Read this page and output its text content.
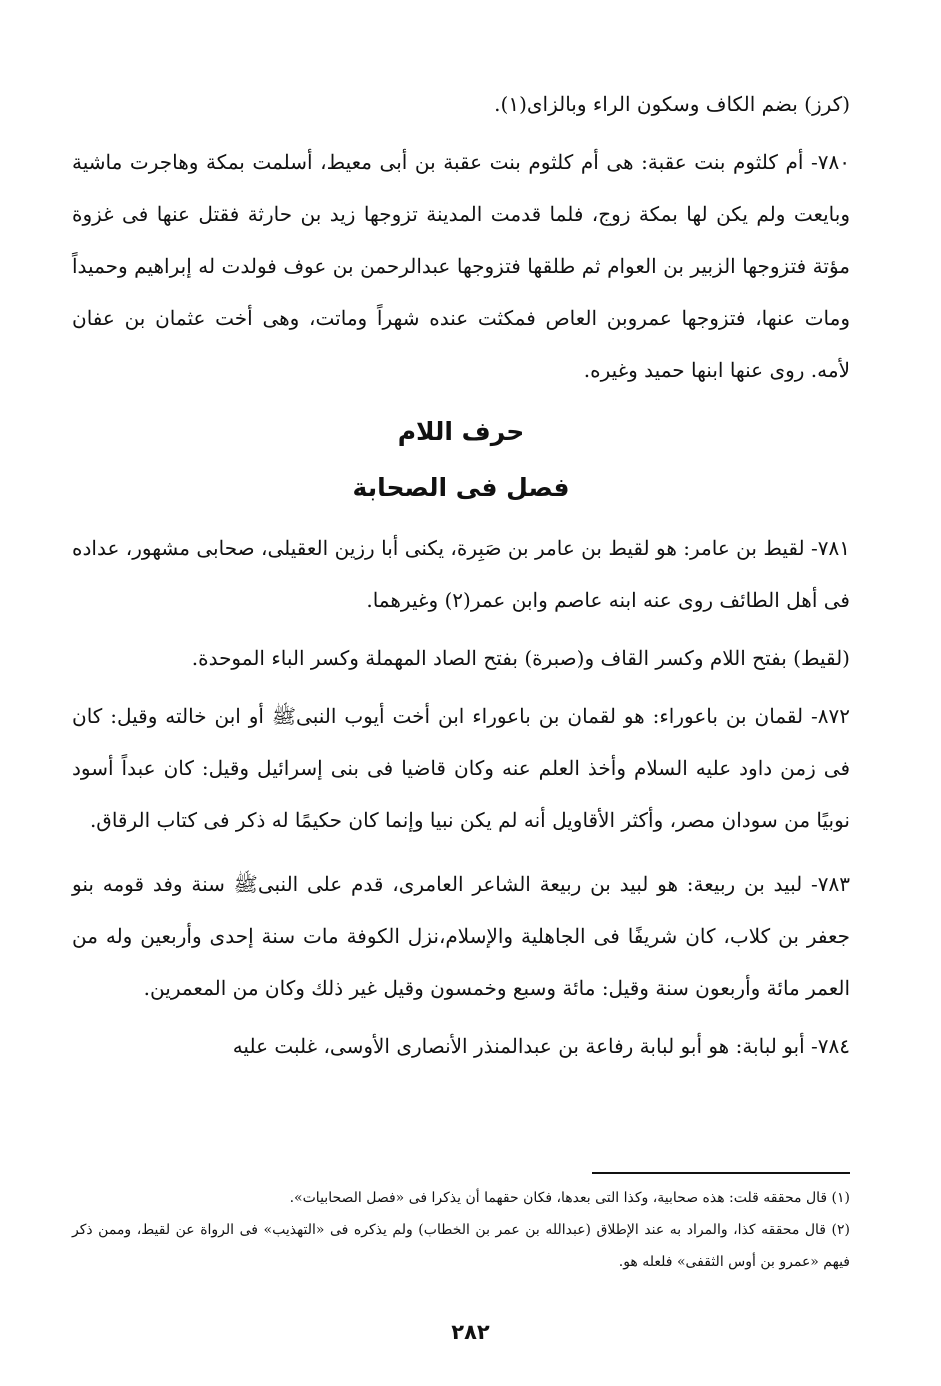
(كرز) بضم الكاف وسكون الراء وبالزاى(١).

٧٨٠- أم كلثوم بنت عقبة: هى أم كلثوم بنت عقبة بن أبى معيط، أسلمت بمكة وهاجرت ماشية وبايعت ولم يكن لها بمكة زوج، فلما قدمت المدينة تزوجها زيد بن حارثة فقتل عنها فى غزوة مؤتة فتزوجها الزبير بن العوام ثم طلقها فتزوجها عبدالرحمن بن عوف فولدت له إبراهيم وحميداً ومات عنها، فتزوجها عمروبن العاص فمكثت عنده شهراً وماتت، وهى أخت عثمان بن عفان لأمه. روى عنها ابنها حميد وغيره.

حرف اللام
فصل فى الصحابة

٧٨١- لقيط بن عامر: هو لقيط بن عامر بن صَبِرة، يكنى أبا رزين العقيلى، صحابى مشهور، عداده فى أهل الطائف روى عنه ابنه عاصم وابن عمر(٢) وغيرهما.

(لقيط) بفتح اللام وكسر القاف و(صبرة) بفتح الصاد المهملة وكسر الباء الموحدة.

٨٧٢- لقمان بن باعوراء: هو لقمان بن باعوراء ابن أخت أيوب النبىﷺ أو ابن خالته وقيل: كان فى زمن داود عليه السلام وأخذ العلم عنه وكان قاضيا فى بنى إسرائيل وقيل: كان عبداً أسود نوبيًا من سودان مصر، وأكثر الأقاويل أنه لم يكن نبيا وإنما كان حكيمًا له ذكر فى كتاب الرقاق.

٧٨٣- لبيد بن ربيعة: هو لبيد بن ربيعة الشاعر العامرى، قدم على النبىﷺ سنة وفد قومه بنو جعفر بن كلاب، كان شريفًا فى الجاهلية والإسلام،نزل الكوفة مات سنة إحدى وأربعين وله من العمر مائة وأربعون سنة وقيل: مائة وسبع وخمسون وقيل غير ذلك وكان من المعمرين.

٧٨٤- أبو لبابة: هو أبو لبابة رفاعة بن عبدالمنذر الأنصارى الأوسى، غلبت عليه

(١) قال محققه قلت: هذه صحابية، وكذا التى بعدها، فكان حقهما أن يذكرا فى «فصل الصحابيات».

(٢) قال محققه كذا، والمراد به عند الإطلاق (عبدالله بن عمر بن الخطاب) ولم يذكره فى «التهذيب» فى الرواة عن لقيط، وممن ذكر فيهم «عمرو بن أوس الثقفى» فلعله هو.

٢٨٢
